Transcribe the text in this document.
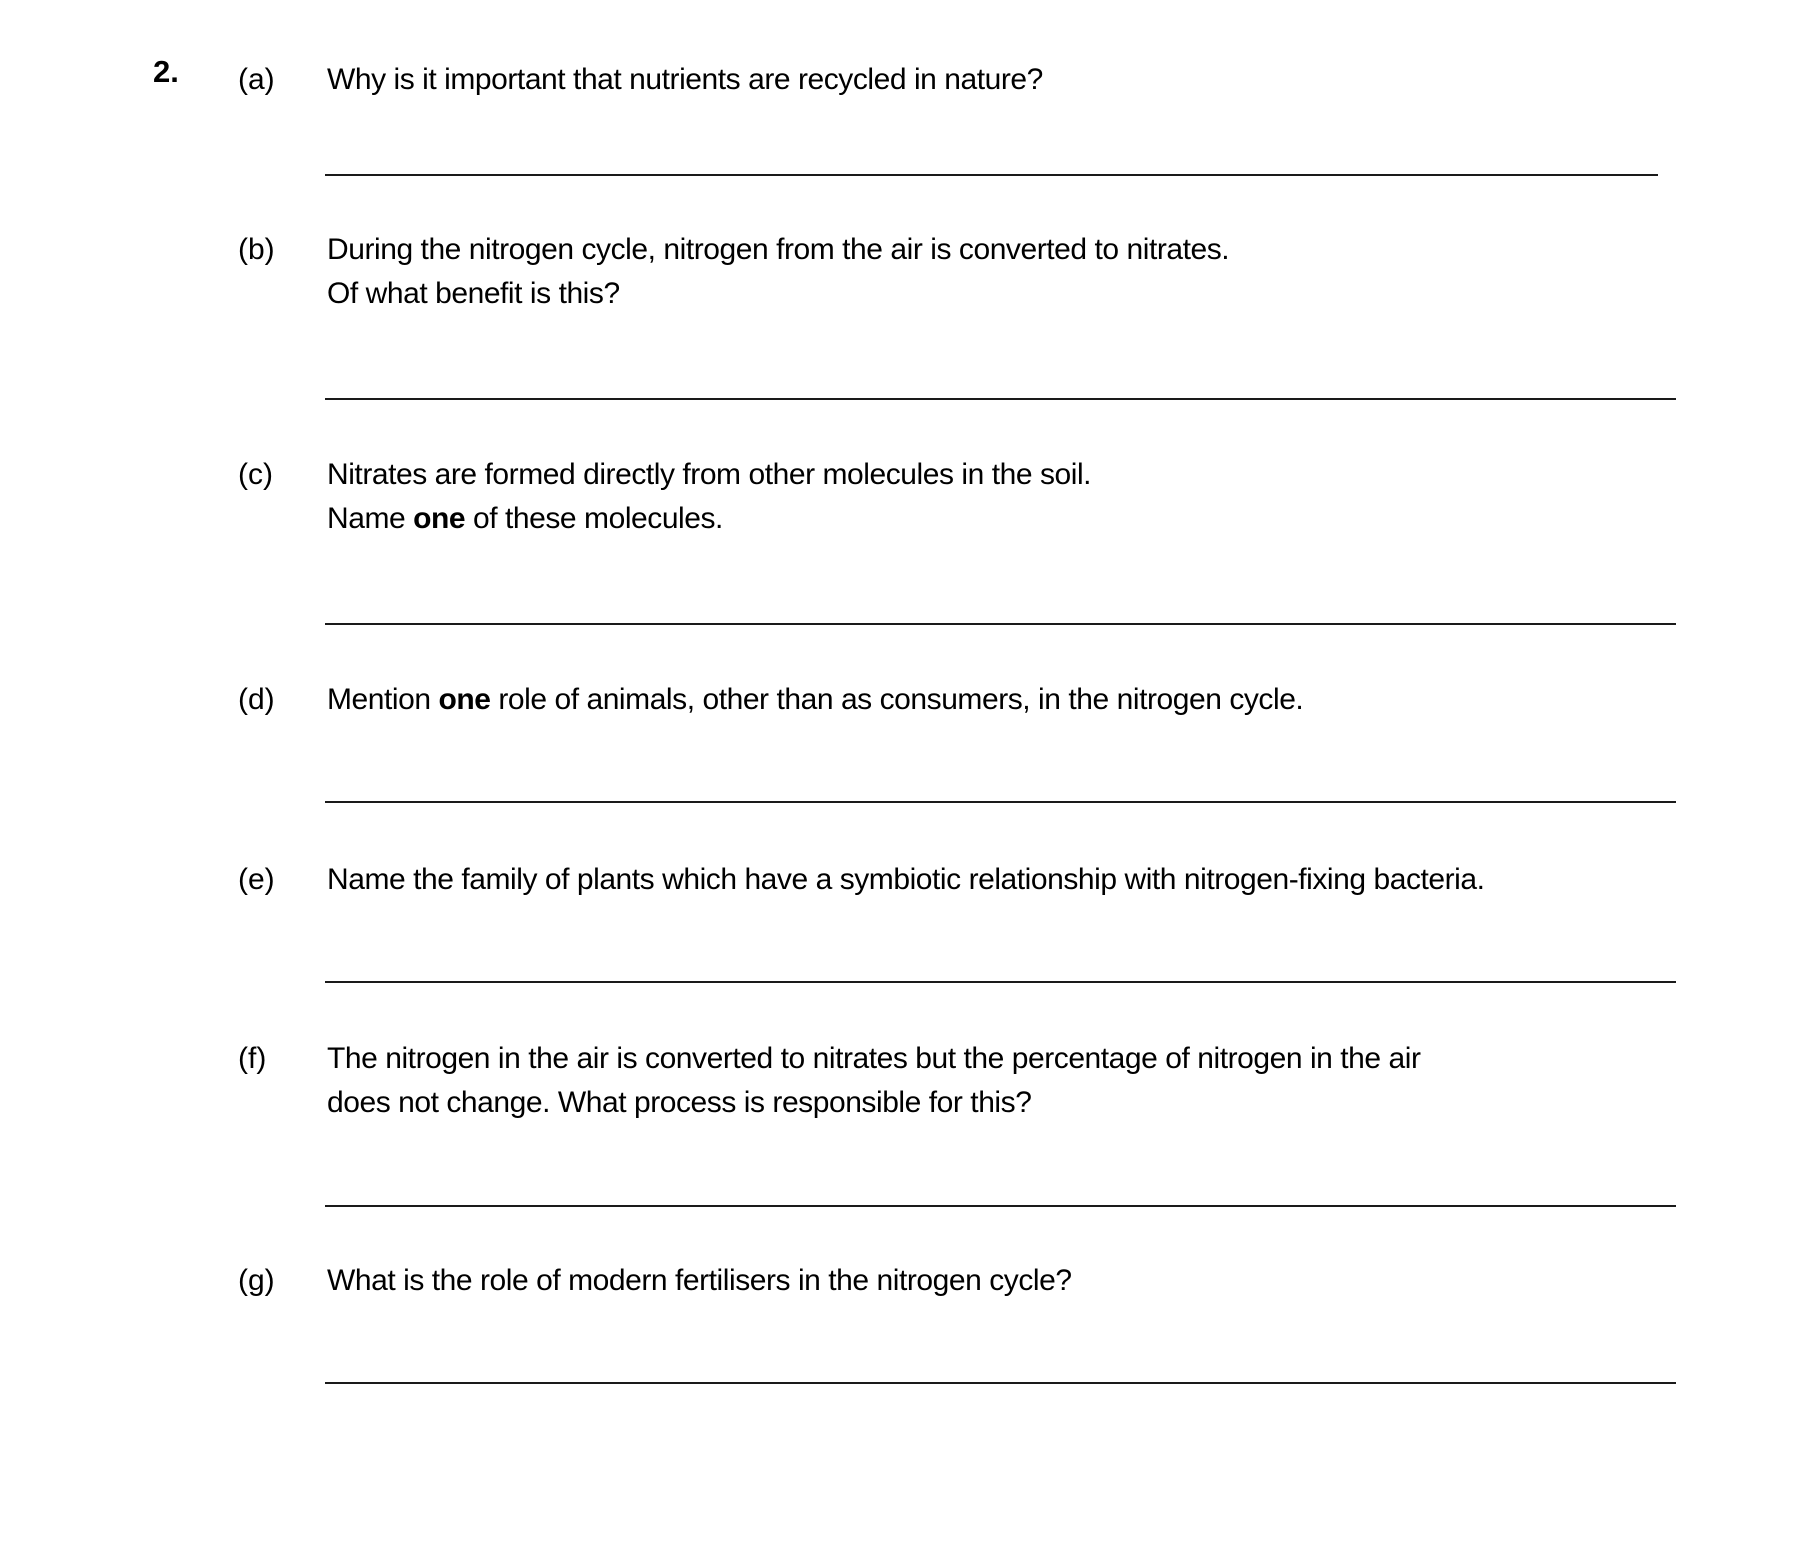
2. (a) Why is it important that nutrients are recycled in nature?
(b) During the nitrogen cycle, nitrogen from the air is converted to nitrates.
Of what benefit is this?
(c) Nitrates are formed directly from other molecules in the soil.
Name one of these molecules.
(d) Mention one role of animals, other than as consumers, in the nitrogen cycle.
(e) Name the family of plants which have a symbiotic relationship with nitrogen-fixing bacteria.
(f) The nitrogen in the air is converted to nitrates but the percentage of nitrogen in the air
does not change. What process is responsible for this?
(g) What is the role of modern fertilisers in the nitrogen cycle?
